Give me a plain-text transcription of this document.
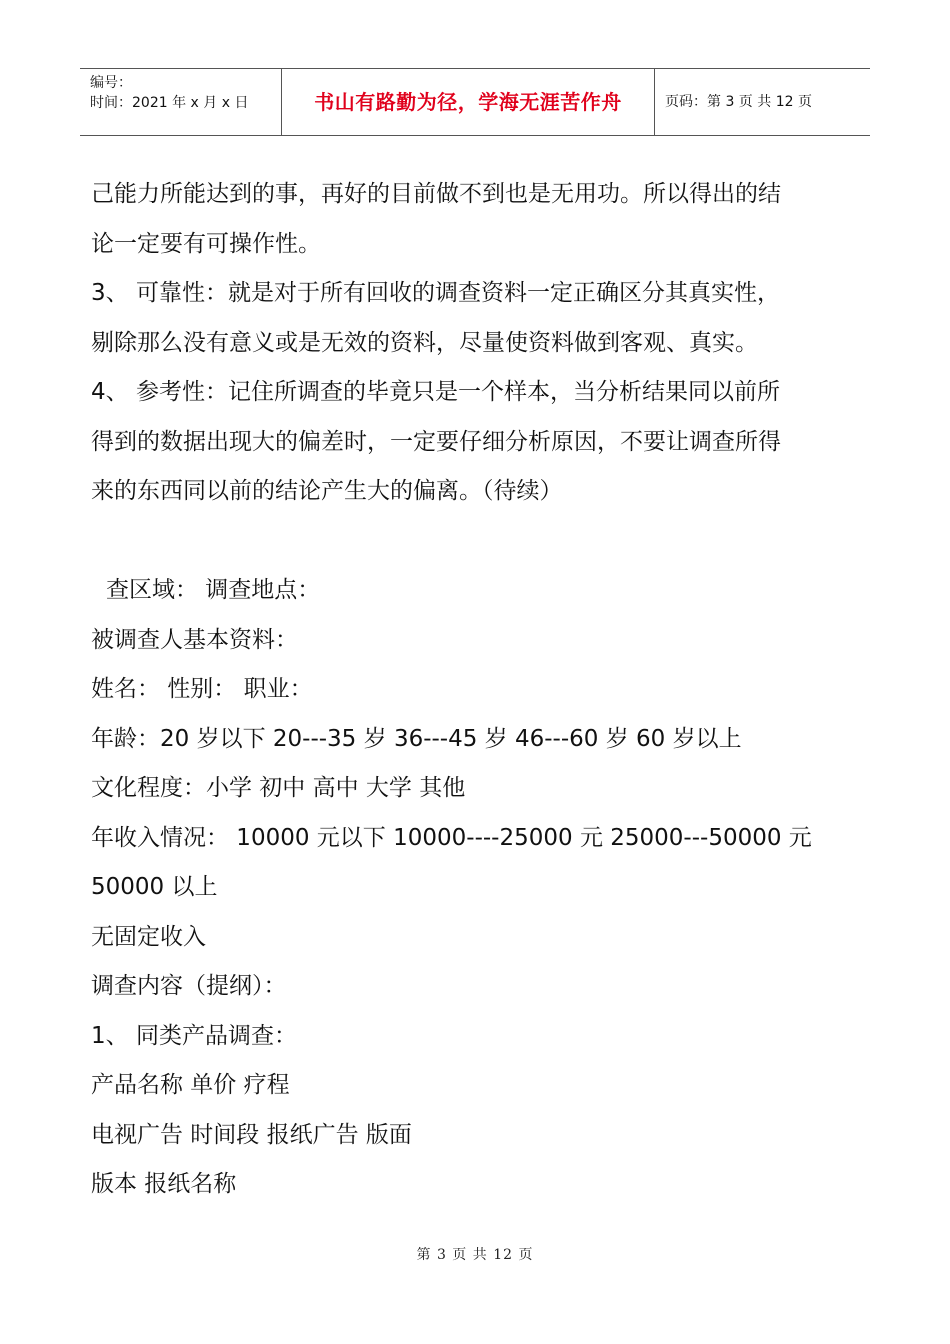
编号：
时间：2021 年 x 月 x 日	书山有路勤为径，学海无涯苦作舟	页码：第 3 页 共 12 页

己能力所能达到的事，再好的目前做不到也是无用功。所以得出的结

论一定要有可操作性。

3、 可靠性：就是对于所有回收的调查资料一定正确区分其真实性，

剔除那么没有意义或是无效的资料，尽量使资料做到客观、真实。

4、 参考性：记住所调查的毕竟只是一个样本，当分析结果同以前所

得到的数据出现大的偏差时，一定要仔细分析原因，不要让调查所得

来的东西同以前的结论产生大的偏离。（待续）

查区域： 调查地点：

被调查人基本资料：

姓名： 性别： 职业：

年龄：20 岁以下 20---35 岁 36---45 岁 46---60 岁 60 岁以上

文化程度：小学 初中 高中 大学 其他

年收入情况： 10000 元以下 10000----25000 元 25000---50000 元

50000 以上

无固定收入

调查内容（提纲）：

1、 同类产品调查：

产品名称 单价 疗程

电视广告 时间段 报纸广告 版面

版本 报纸名称

第 3 页 共 12 页
